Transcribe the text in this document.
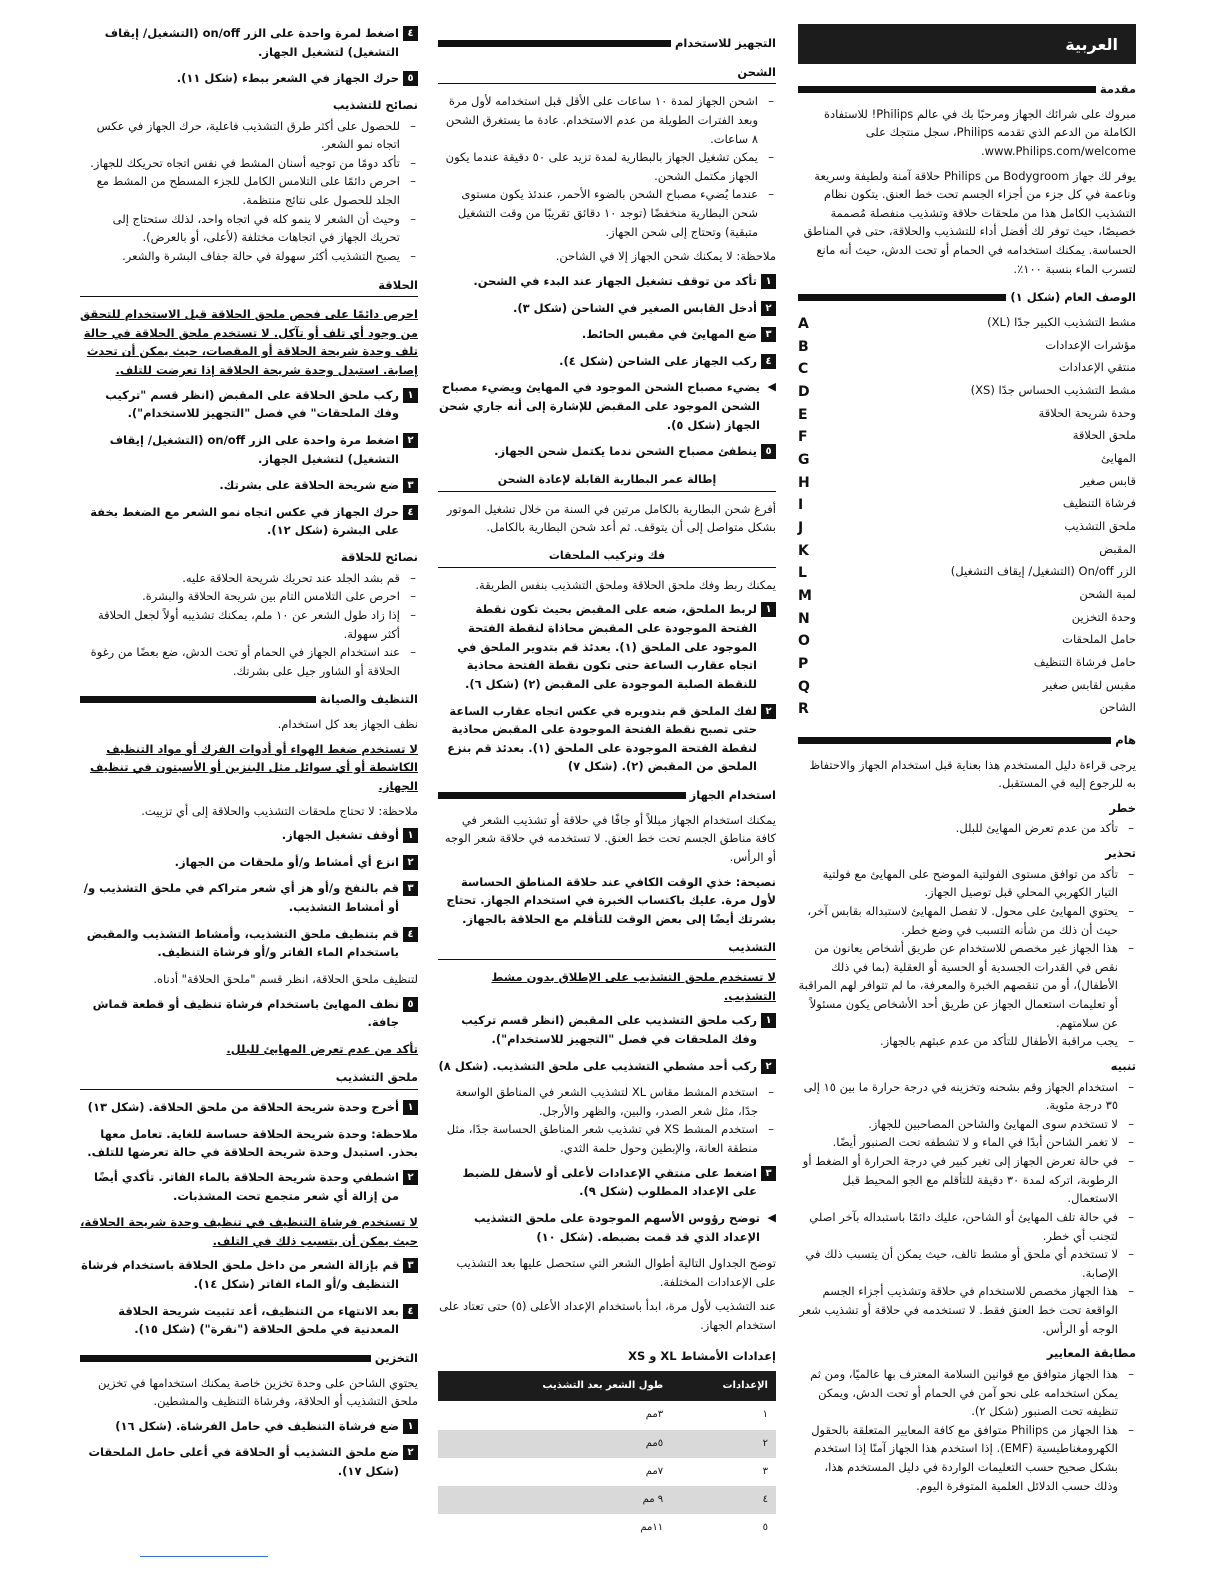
العربية
مقدمة

مبروك على شرائك الجهاز ومرحبًا بك في عالم Philips! للاستفادة الكاملة من الدعم الذي تقدمه Philips، سجل منتجك على www.Philips.com/welcome.

يوفر لك جهاز Bodygroom من Philips حلاقة آمنة ولطيفة وسريعة وناعمة في كل جزء من أجزاء الجسم تحت خط العنق. يتكون نظام التشذيب الكامل هذا من ملحقات حلاقة وتشذيب منفصلة مُصممة خصيصًا، حيث توفر لك أفضل أداء للتشذيب والحلاقة، حتى في المناطق الحساسة. يمكنك استخدامه في الحمام أو تحت الدش، حيث أنه مانع لتسرب الماء بنسبة ١٠٠٪.

الوصف العام (شكل ١)
مشط التشذيب الكبير جدًا (XL)
A
مؤشرات الإعدادات
B
منتقي الإعدادات
C
مشط التشذيب الحساس جدًا (XS)
D
وحدة شريحة الحلاقة
E
ملحق الحلاقة
F
المهايئ
G
قابس صغير
H
فرشاة التنظيف
I
ملحق التشذيب
J
المقبض
K
الزر On/off (التشغيل/ إيقاف التشغيل)
L
لمبة الشحن
M
وحدة التخزين
N
حامل الملحقات
O
حامل فرشاة التنظيف
P
مقبس لقابس صغير
Q
الشاحن
R
هام

يرجى قراءة دليل المستخدم هذا بعناية قبل استخدام الجهاز والاحتفاظ به للرجوع إليه في المستقبل.

خطر
– تأكد من عدم تعرض المهايئ للبلل.
تحذير
– تأكد من توافق مستوى الفولتية الموضح على المهايئ مع فولتية التيار الكهربي المحلي قبل توصيل الجهاز.
– يحتوي المهايئ على محول. لا تفصل المهايئ لاستبداله بقابس آخر، حيث أن ذلك من شأنه التسبب في وضع خطر.
– هذا الجهاز غير مخصص للاستخدام عن طريق أشخاص يعانون من نقص في القدرات الجسدية أو الحسية أو العقلية (بما في ذلك الأطفال)، أو من تنقصهم الخبرة والمعرفة، ما لم تتوافر لهم المراقبة أو تعليمات استعمال الجهاز عن طريق أحد الأشخاص يكون مسئولاً عن سلامتهم.
– يجب مراقبة الأطفال للتأكد من عدم عبثهم بالجهاز.
تنبيه
– استخدام الجهاز وقم بشحنه وتخزينه في درجة حرارة ما بين ١٥ إلى ٣٥ درجة مئوية.
– لا تستخدم سوى المهايئ والشاحن المصاحبين للجهاز.
– لا تغمر الشاحن أبدًا في الماء و لا تشطفه تحت الصنبور أيضًا.
– في حالة تعرض الجهاز إلى تغير كبير في درجة الحرارة أو الضغط أو الرطوبة، اتركه لمدة ٣٠ دقيقة للتأقلم مع الجو المحيط قبل الاستعمال.
– في حالة تلف المهايئ أو الشاحن، عليك دائمًا باستبداله بآخر اصلي لتجنب أي خطر.
– لا تستخدم أي ملحق أو مشط تالف، حيث يمكن أن يتسبب ذلك في الإصابة.
– هذا الجهاز مخصص للاستخدام في حلاقة وتشذيب أجزاء الجسم الواقعة تحت خط العنق فقط. لا تستخدمه في حلاقة أو تشذيب شعر الوجه أو الرأس.
مطابقة المعايير
– هذا الجهاز متوافق مع قوانين السلامة المعترف بها عالميًا، ومن ثم يمكن استخدامه على نحو آمن في الحمام أو تحت الدش، ويمكن تنظيفه تحت الصنبور (شكل ٢).
– هذا الجهاز من Philips متوافق مع كافة المعايير المتعلقة بالحقول الكهرومغناطيسية (EMF). إذا استخدم هذا الجهاز آمنًا إذا استخدم بشكل صحيح حسب التعليمات الواردة في دليل المستخدم هذا، وذلك حسب الدلائل العلمية المتوفرة اليوم.
التجهيز للاستخدام
الشحن
– اشحن الجهاز لمدة ١٠ ساعات على الأقل قبل استخدامه لأول مرة وبعد الفترات الطويلة من عدم الاستخدام. عادة ما يستغرق الشحن ٨ ساعات.
– يمكن تشغيل الجهاز بالبطارية لمدة تزيد على ٥٠ دقيقة عندما يكون الجهاز مكتمل الشحن.
– عندما يُضيء مصباح الشحن بالضوء الأحمر، عندئذ يكون مستوى شحن البطارية منخفضًا (توجد ١٠ دقائق تقريبًا من وقت التشغيل متبقية) وتحتاج إلى شحن الجهاز.

ملاحظة: لا يمكنك شحن الجهاز إلا في الشاحن.

١
تأكد من توقف تشغيل الجهاز عند البدء في الشحن.
٢
أدخل القابس الصغير في الشاحن (شكل ٣).
٣
ضع المهايئ في مقبس الحائط.
٤
ركب الجهاز على الشاحن (شكل ٤).
◀
يضيء مصباح الشحن الموجود في المهايئ ويضيء مصباح الشحن الموجود على المقبض للإشارة إلى أنه جاري شحن الجهاز (شكل ٥).
٥
ينطفئ مصباح الشحن ندما يكتمل شحن الجهاز.
إطالة عمر البطارية القابلة لإعادة الشحن

أفرغ شحن البطارية بالكامل مرتين في السنة من خلال تشغيل الموتور بشكل متواصل إلى أن يتوقف. ثم أعد شحن البطارية بالكامل.

فك وتركيب الملحقات

يمكنك ربط وفك ملحق الحلاقة وملحق التشذيب بنفس الطريقة.

١
لربط الملحق، ضعه على المقبض بحيث تكون نقطة الفتحة الموجودة على المقبض محاذاة لنقطة الفتحة الموجود على الملحق (١). بعدئذ قم بتدوير الملحق في اتجاه عقارب الساعة حتى تكون نقطة الفتحة محاذية للنقطة الصلبة الموجودة على المقبض (٢) (شكل ٦).
٢
لفك الملحق قم بتدويره في عكس اتجاه عقارب الساعة حتى تصبح نقطة الفتحة الموجودة على المقبض محاذية لنقطة الفتحة الموجودة على الملحق (١). بعدئذ قم بنزع الملحق من المقبض (٢). (شكل ٧)
استخدام الجهاز

يمكنك استخدام الجهاز مبللاً أو جافًا في حلاقة أو تشذيب الشعر في كافة مناطق الجسم تحت خط العنق. لا تستخدمه في حلاقة شعر الوجه أو الرأس.

نصيحة: خذي الوقت الكافي عند حلاقة المناطق الحساسة لأول مرة. عليك باكتساب الخبرة في استخدام الجهاز. تحتاج بشرتك أيضًا إلى بعض الوقت للتأقلم مع الحلاقة بالجهاز.

التشذيب

لا تستخدم ملحق التشذيب على الإطلاق بدون مشط التشذيب.

١
ركب ملحق التشذيب على المقبض (انظر قسم تركيب وفك الملحقات في فصل "التجهيز للاستخدام").
٢
ركب أحد مشطي التشذيب على ملحق التشذيب. (شكل ٨)
– استخدم المشط مقاس XL لتشذيب الشعر في المناطق الواسعة جدًا، مثل شعر الصدر، والبين، والظهر والأرجل.
– استخدم المشط XS في تشذيب شعر المناطق الحساسة جدًا، مثل منطقة العانة، والإبطين وحول حلمة الثدي.
٣
اضغط على منتقي الإعدادات لأعلى أو لأسفل للضبط على الإعداد المطلوب (شكل ٩).
◀
توضح رؤوس الأسهم الموجودة على ملحق التشذيب الإعداد الذي قد قمت بضبطه. (شكل ١٠)

توضح الجداول التالية أطوال الشعر التي ستحصل عليها بعد التشذيب على الإعدادات المختلفة.

عند التشذيب لأول مرة، ابدأ باستخدام الإعداد الأعلى (٥) حتى تعتاد على استخدام الجهاز.

إعدادات الأمشاط XL و XS
الإعدادات	طول الشعر بعد التشذيب
١	٣مم
٢	٥مم
٣	٧مم
٤	٩ مم
٥	١١مم
٤
اضغط لمرة واحدة على الزر on/off (التشغيل/ إيقاف التشغيل) لتشغيل الجهاز.
٥
حرك الجهاز في الشعر ببطء (شكل ١١).
نصائح للتشذيب
– للحصول على أكثر طرق التشذيب فاعلية، حرك الجهاز في عكس اتجاه نمو الشعر.
– تأكد دومًا من توجيه أسنان المشط في نفس اتجاه تحريكك للجهاز.
– احرص دائمًا على التلامس الكامل للجزء المسطح من المشط مع الجلد للحصول على نتائج منتظمة.
– وحيث أن الشعر لا ينمو كله في اتجاه واحد، لذلك ستحتاج إلى تحريك الجهاز في اتجاهات مختلفة (لأعلى، أو بالعرض).
– يصبح التشذيب أكثر سهولة في حالة جفاف البشرة والشعر.
الحلاقة

احرص دائمًا على فحص ملحق الحلاقة قبل الاستخدام للتحقق من وجود أي تلف أو تآكل. لا تستخدم ملحق الحلاقة في حالة تلف وحدة شريحة الحلاقة أو المقصات، حيث يمكن أن تحدث إصابة. استبدل وحدة شريحة الحلاقة إذا تعرضت للتلف.

١
ركب ملحق الحلاقة على المقبض (انظر قسم "تركيب وفك الملحقات" في فصل "التجهيز للاستخدام").
٢
اضغط مرة واحدة على الزر on/off (التشغيل/ إيقاف التشغيل) لتشغيل الجهاز.
٣
ضع شريحة الحلاقة على بشرتك.
٤
حرك الجهاز في عكس اتجاه نمو الشعر مع الضغط بخفة على البشرة (شكل ١٢).
نصائح للحلاقة
– قم بشد الجلد عند تحريك شريحة الحلاقة عليه.
– احرص على التلامس التام بين شريحة الحلاقة والبشرة.
– إذا زاد طول الشعر عن ١٠ ملم، يمكنك تشذيبه أولاً لجعل الحلاقة أكثر سهولة.
– عند استخدام الجهاز في الحمام أو تحت الدش، ضع بعضًا من رغوة الحلاقة أو الشاور جيل على بشرتك.
التنظيف والصيانة

نظف الجهاز بعد كل استخدام.

لا تستخدم ضغط الهواء أو أدوات الفرك أو مواد التنظيف الكاشطة أو أي سوائل مثل البنزين أو الأسيتون في تنظيف الجهاز.

ملاحظة: لا تحتاج ملحقات التشذيب والحلاقة إلى أي تزييت.

١
أوقف تشغيل الجهاز.
٢
انزع أي أمشاط و/أو ملحقات من الجهاز.
٣
قم بالنفخ و/أو هز أي شعر متراكم في ملحق التشذيب و/أو أمشاط التشذيب.
٤
قم بتنظيف ملحق التشذيب، وأمشاط التشذيب والمقبض باستخدام الماء الفاتر و/أو فرشاة التنظيف.

لتنظيف ملحق الحلاقة، انظر قسم "ملحق الحلاقة" أدناه.

٥
نظف المهايئ باستخدام فرشاة تنظيف أو قطعة قماش جافة.

تأكد من عدم تعرض المهايئ للبلل.

ملحق التشذيب
١
أخرج وحدة شريحة الحلاقة من ملحق الحلاقة. (شكل ١٣)

ملاحظة: وحدة شريحة الحلاقة حساسة للغاية. تعامل معها بحذر. استبدل وحدة شريحة الحلاقة في حالة تعرضها للتلف.

٢
اشطفي وحدة شريحة الحلاقة بالماء الفاتر. تأكدي أيضًا من إزالة أي شعر متجمع تحت المشذبات.

لا تستخدم فرشاة التنظيف في تنظيف وحدة شريحة الحلاقة، حيث يمكن أن يتسبب ذلك في التلف.

٣
قم بإزالة الشعر من داخل ملحق الحلاقة باستخدام فرشاة التنظيف و/أو الماء الفاتر (شكل ١٤).
٤
بعد الانتهاء من التنظيف، أعد تثبيت شريحة الحلاقة المعدنية في ملحق الحلاقة ("نقرة") (شكل ١٥).
التخزين

يحتوي الشاحن على وحدة تخزين خاصة يمكنك استخدامها في تخزين ملحق التشذيب أو الحلاقة، وفرشاة التنظيف والمشطين.

١
ضع فرشاة التنظيف في حامل الفرشاة. (شكل ١٦)
٢
ضع ملحق التشذيب أو الحلاقة في أعلى حامل الملحقات (شكل ١٧).
